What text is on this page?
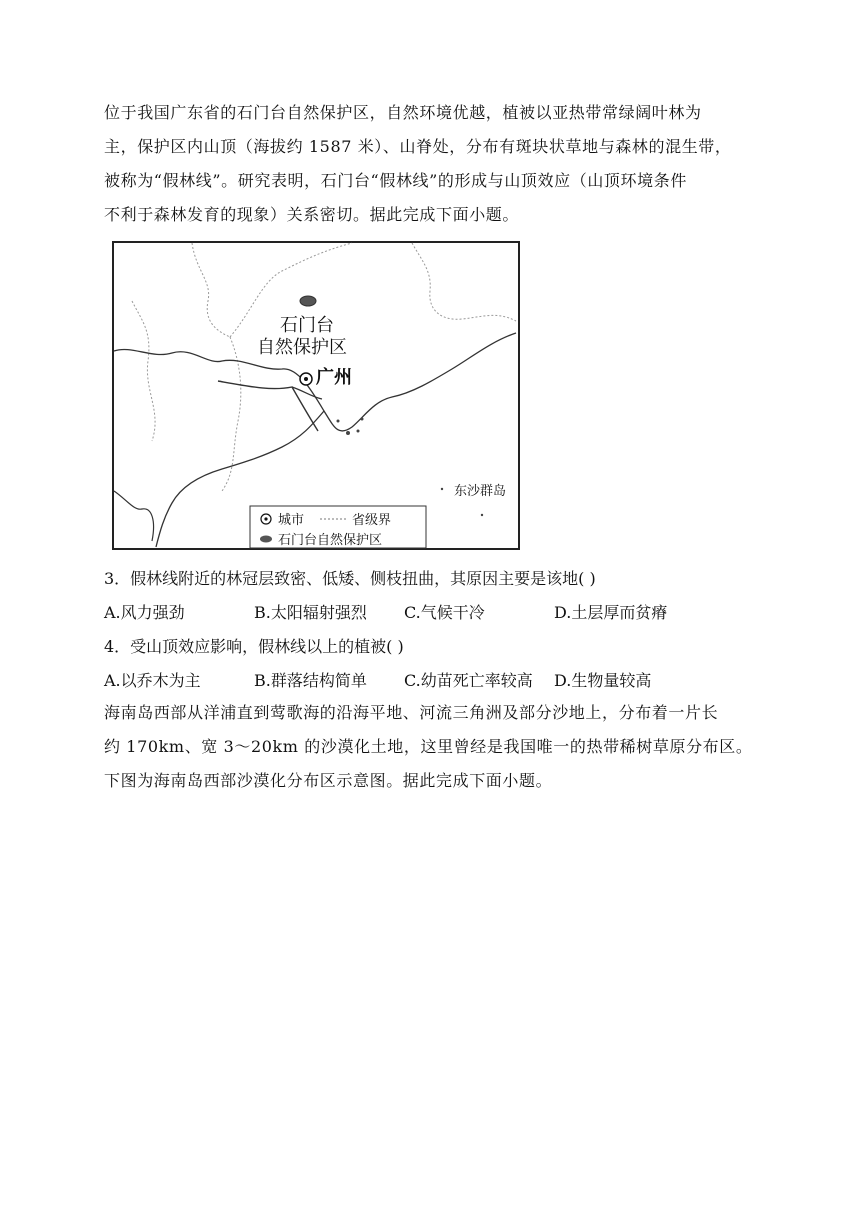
位于我国广东省的石门台自然保护区，自然环境优越，植被以亚热带常绿阔叶林为
主，保护区内山顶（海拔约 1587 米）、山脊处，分布有斑块状草地与森林的混生带，
被称为“假林线”。研究表明，石门台“假林线”的形成与山顶效应（山顶环境条件
不利于森林发育的现象）关系密切。据此完成下面小题。

石门台
自然保护区
广州
东沙群岛
城市	省级界
石门台自然保护区

3．假林线附近的林冠层致密、低矮、侧枝扭曲，其原因主要是该地( )

A.风力强劲	B.太阳辐射强烈 C.气候干冷	D.土层厚而贫瘠

4．受山顶效应影响，假林线以上的植被( )

A.以乔木为主	B.群落结构简单 C.幼苗死亡率较高 D.生物量较高

海南岛西部从洋浦直到莺歌海的沿海平地、河流三角洲及部分沙地上，分布着一片长
约 170km、宽 3～20km 的沙漠化土地，这里曾经是我国唯一的热带稀树草原分布区。
下图为海南岛西部沙漠化分布区示意图。据此完成下面小题。
